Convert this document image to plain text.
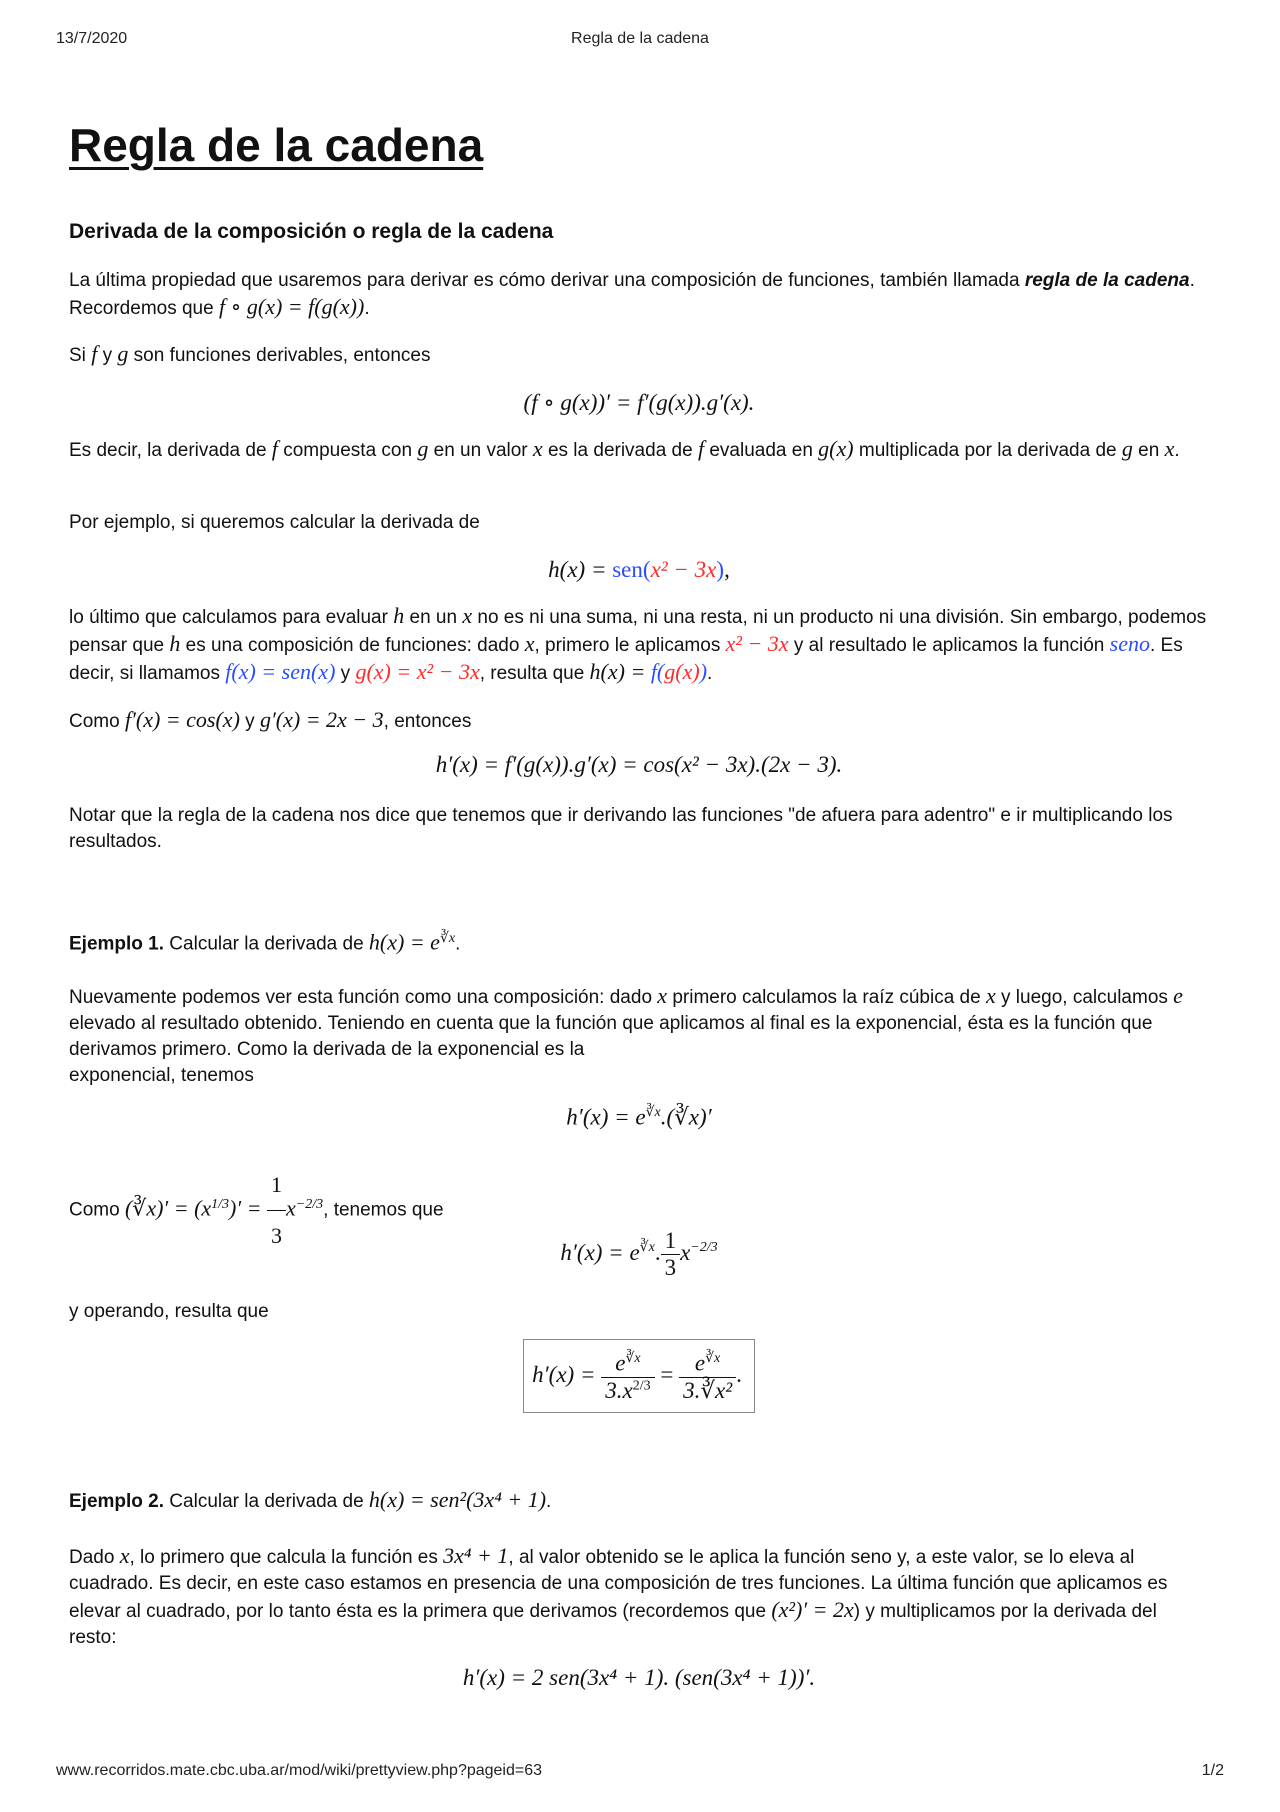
13/7/2020	Regla de la cadena
Regla de la cadena
Derivada de la composición o regla de la cadena
La última propiedad que usaremos para derivar es cómo derivar una composición de funciones, también llamada regla de la cadena. Recordemos que f ∘ g(x) = f(g(x)).
Si f y g son funciones derivables, entonces
(f ∘ g(x))′ = f′(g(x)).g′(x).
Es decir, la derivada de f compuesta con g en un valor x es la derivada de f evaluada en g(x) multiplicada por la derivada de g en x.
Por ejemplo, si queremos calcular la derivada de
h(x) = sen(x² − 3x),
lo último que calculamos para evaluar h en un x no es ni una suma, ni una resta, ni un producto ni una división. Sin embargo, podemos pensar que h es una composición de funciones: dado x, primero le aplicamos x² − 3x y al resultado le aplicamos la función seno. Es decir, si llamamos f(x) = sen(x) y g(x) = x² − 3x, resulta que h(x) = f(g(x)).
Como f′(x) = cos(x) y g′(x) = 2x − 3, entonces
h′(x) = f′(g(x)).g′(x) = cos(x² − 3x).(2x − 3).
Notar que la regla de la cadena nos dice que tenemos que ir derivando las funciones "de afuera para adentro" e ir multiplicando los resultados.
Ejemplo 1. Calcular la derivada de $h(x) = e^{∛x}$.
Nuevamente podemos ver esta función como una composición: dado x primero calculamos la raíz cúbica de x y luego, calculamos e elevado al resultado obtenido. Teniendo en cuenta que la función que aplicamos al final es la exponencial, ésta es la función que derivamos primero. Como la derivada de la exponencial es la
exponencial, tenemos
$h'(x) = e^{∛x}.(∛x)'$
Como (∛x)′ = $(x^{1/3})' = \frac{1}{3} x^{-2/3}$, tenemos que
$h'(x) = e^{∛x}$. $\frac{1}{3} x^{-2/3}$
y operando, resulta que
$h'(x) = \frac{e^{∛x}}{3.x^{2/3}} = \frac{e^{∛x}}{\text{3.∛x²}}$ .
Ejemplo 2. Calcular la derivada de h(x) = sen²(3x⁴ + 1).
Dado x, lo primero que calcula la función es 3x⁴ + 1, al valor obtenido se le aplica la función seno y, a este valor, se lo eleva al cuadrado. Es decir, en este caso estamos en presencia de una composición de tres funciones. La última función que aplicamos es elevar al cuadrado, por lo tanto ésta es la primera que derivamos (recordemos que (x²)′ = 2x) y multiplicamos por la derivada del resto:
h′(x) = 2 sen(3x⁴ + 1). (sen(3x⁴ + 1))′.
www.recorridos.mate.cbc.uba.ar/mod/wiki/prettyview.php?pageid=63	1/2
